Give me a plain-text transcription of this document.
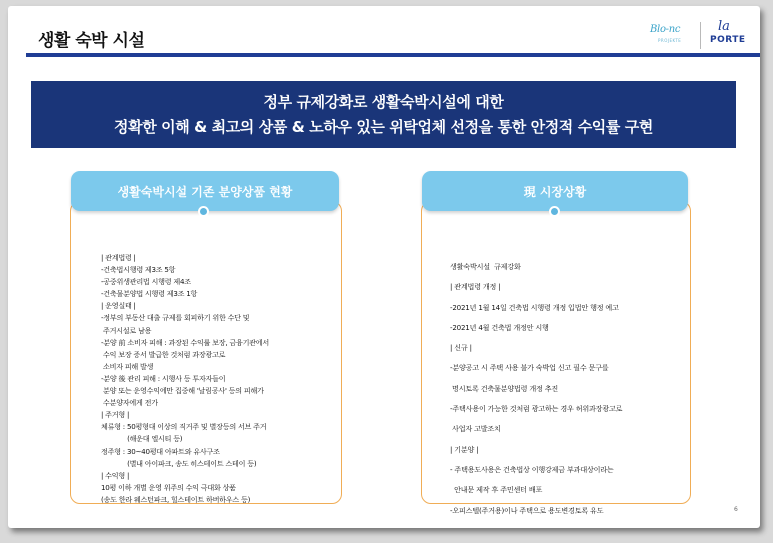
생활 숙박 시설
Blo-nc
PROJEKTE
la
PORTE
정부 규제강화로 생활숙박시설에 대한
정확한 이해 & 최고의 상품 & 노하우 있는 위탁업체 선정을 통한 안정적 수익률 구현
| 관계법령 |
-건축법시행령 제3조 5항
-공중위생관리법 시행령 제4조
-건축물분양법 시행령 제3조 1항
| 운영실태 |
-정부의 부동산 대출 규제를 회피하기 위한 수단 및
주거시설로 남용
-분양 前 소비자 피해 : 과장된 수익률 보장, 금융기관에서
수익 보장 증서 발급한 것처럼 과장광고로
소비자 피해 발생
-분양 後 관리 피해 : 시행사 등 투자자들이
분양 또는 운영수익에만 집중해 '날림공사' 등의 피해가
수분양자에게 전가
| 주거형 |
체류형 : 50평형대 이상의 직거주 및 별장등의 서브 주거
(해운대 엘시티 등)
정주형 : 30~40평대 아파트와 유사구조
(별내 아이파크, 송도 히스테이트 스테이 등)
| 수익형 |
10평 이하 개별 운영 위주의 수익 극대화 상품
(송도 한라 웨스턴파크, 힐스테이트 하버하우스 등)
생활숙박시설 기존 분양상품 현황
생활숙박시설  규제강화
| 관계법령 개정 |
-2021년 1월 14일 건축법 시행령 개정 입법안 행정 예고
-2021년 4월 건축법 개정안 시행
| 신규 |
-분양공고 시 주택 사용 불가 숙박업 신고 필수 문구를
명시토록 건축물분양법령 개정 추진
-주택사용이 가능한 것처럼 광고하는 경우 허위과장광고로
사업자 고발조치
| 기분양 |
- 주택용도사용은 건축법상 이행강제금 부과대상이라는
안내문 제작 후 주민센터 배포
-오피스텔(주거용)이나 주택으로 용도변경토록 유도
現 시장상황
6
